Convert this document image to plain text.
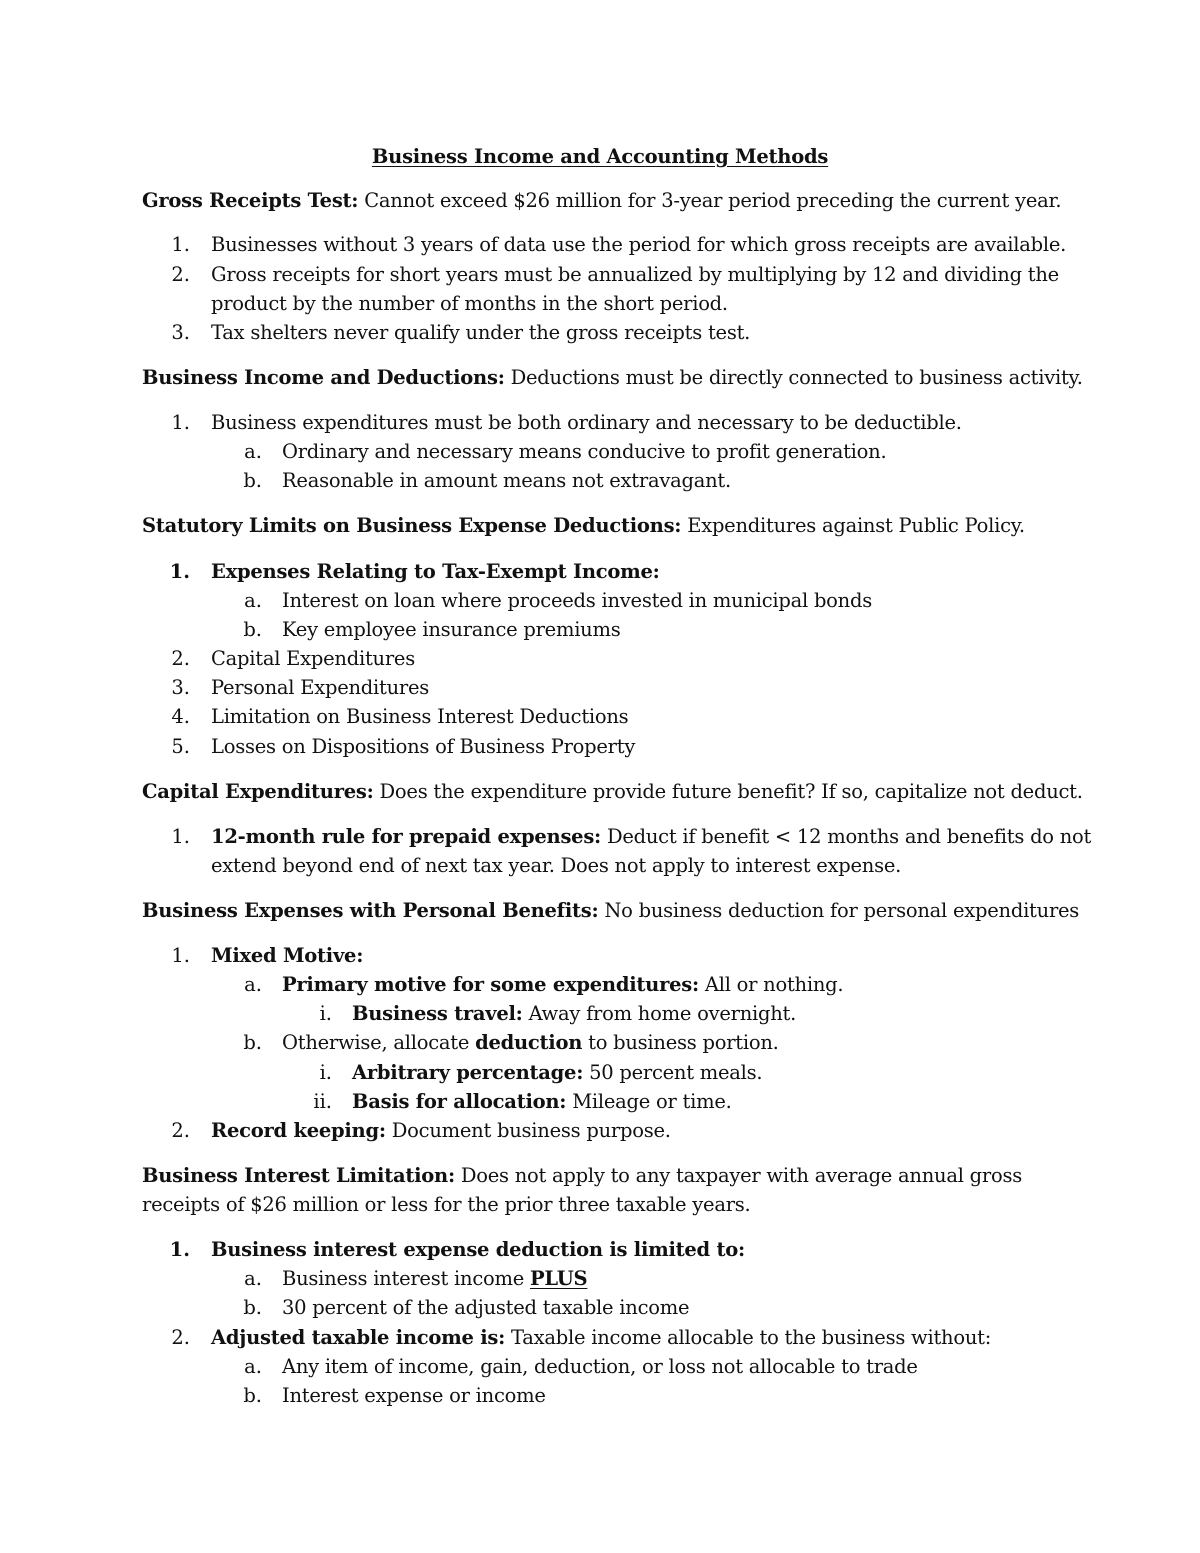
Business Income and Accounting Methods
Gross Receipts Test: Cannot exceed $26 million for 3-year period preceding the current year.
1. Businesses without 3 years of data use the period for which gross receipts are available.
2. Gross receipts for short years must be annualized by multiplying by 12 and dividing the
product by the number of months in the short period.
3. Tax shelters never qualify under the gross receipts test.
Business Income and Deductions: Deductions must be directly connected to business activity.
1. Business expenditures must be both ordinary and necessary to be deductible.
a. Ordinary and necessary means conducive to profit generation.
b. Reasonable in amount means not extravagant.
Statutory Limits on Business Expense Deductions: Expenditures against Public Policy.
1. Expenses Relating to Tax-Exempt Income:
a. Interest on loan where proceeds invested in municipal bonds
b. Key employee insurance premiums
2. Capital Expenditures
3. Personal Expenditures
4. Limitation on Business Interest Deductions
5. Losses on Dispositions of Business Property
Capital Expenditures: Does the expenditure provide future benefit? If so, capitalize not deduct.
1. 12-month rule for prepaid expenses: Deduct if benefit < 12 months and benefits do not
extend beyond end of next tax year. Does not apply to interest expense.
Business Expenses with Personal Benefits: No business deduction for personal expenditures
1. Mixed Motive:
a. Primary motive for some expenditures: All or nothing.
i. Business travel: Away from home overnight.
b. Otherwise, allocate deduction to business portion.
i. Arbitrary percentage: 50 percent meals.
ii. Basis for allocation: Mileage or time.
2. Record keeping: Document business purpose.
Business Interest Limitation: Does not apply to any taxpayer with average annual gross
receipts of $26 million or less for the prior three taxable years.
1. Business interest expense deduction is limited to:
a. Business interest income PLUS
b. 30 percent of the adjusted taxable income
2. Adjusted taxable income is: Taxable income allocable to the business without:
a. Any item of income, gain, deduction, or loss not allocable to trade
b. Interest expense or income
